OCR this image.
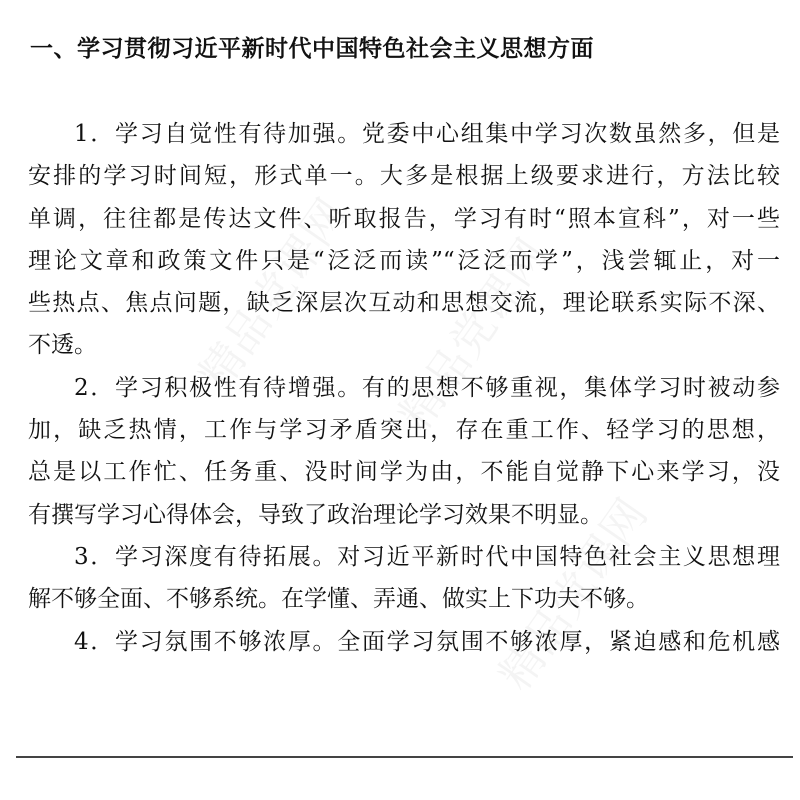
精品党课网 精品党课网
精品党课网
一、学习贯彻习近平新时代中国特色社会主义思想方面
1．学习自觉性有待加强。党委中心组集中学习次数虽然多，但是
安排的学习时间短，形式单一。大多是根据上级要求进行，方法比较
单调，往往都是传达文件、听取报告，学习有时“照本宣科”，对一些
理论文章和政策文件只是“泛泛而读”“泛泛而学”，浅尝辄止，对一
些热点、焦点问题，缺乏深层次互动和思想交流，理论联系实际不深、
不透。
2．学习积极性有待增强。有的思想不够重视，集体学习时被动参
加，缺乏热情，工作与学习矛盾突出，存在重工作、轻学习的思想，
总是以工作忙、任务重、没时间学为由，不能自觉静下心来学习，没
有撰写学习心得体会，导致了政治理论学习效果不明显。
3．学习深度有待拓展。对习近平新时代中国特色社会主义思想理
解不够全面、不够系统。在学懂、弄通、做实上下功夫不够。
4．学习氛围不够浓厚。全面学习氛围不够浓厚，紧迫感和危机感
